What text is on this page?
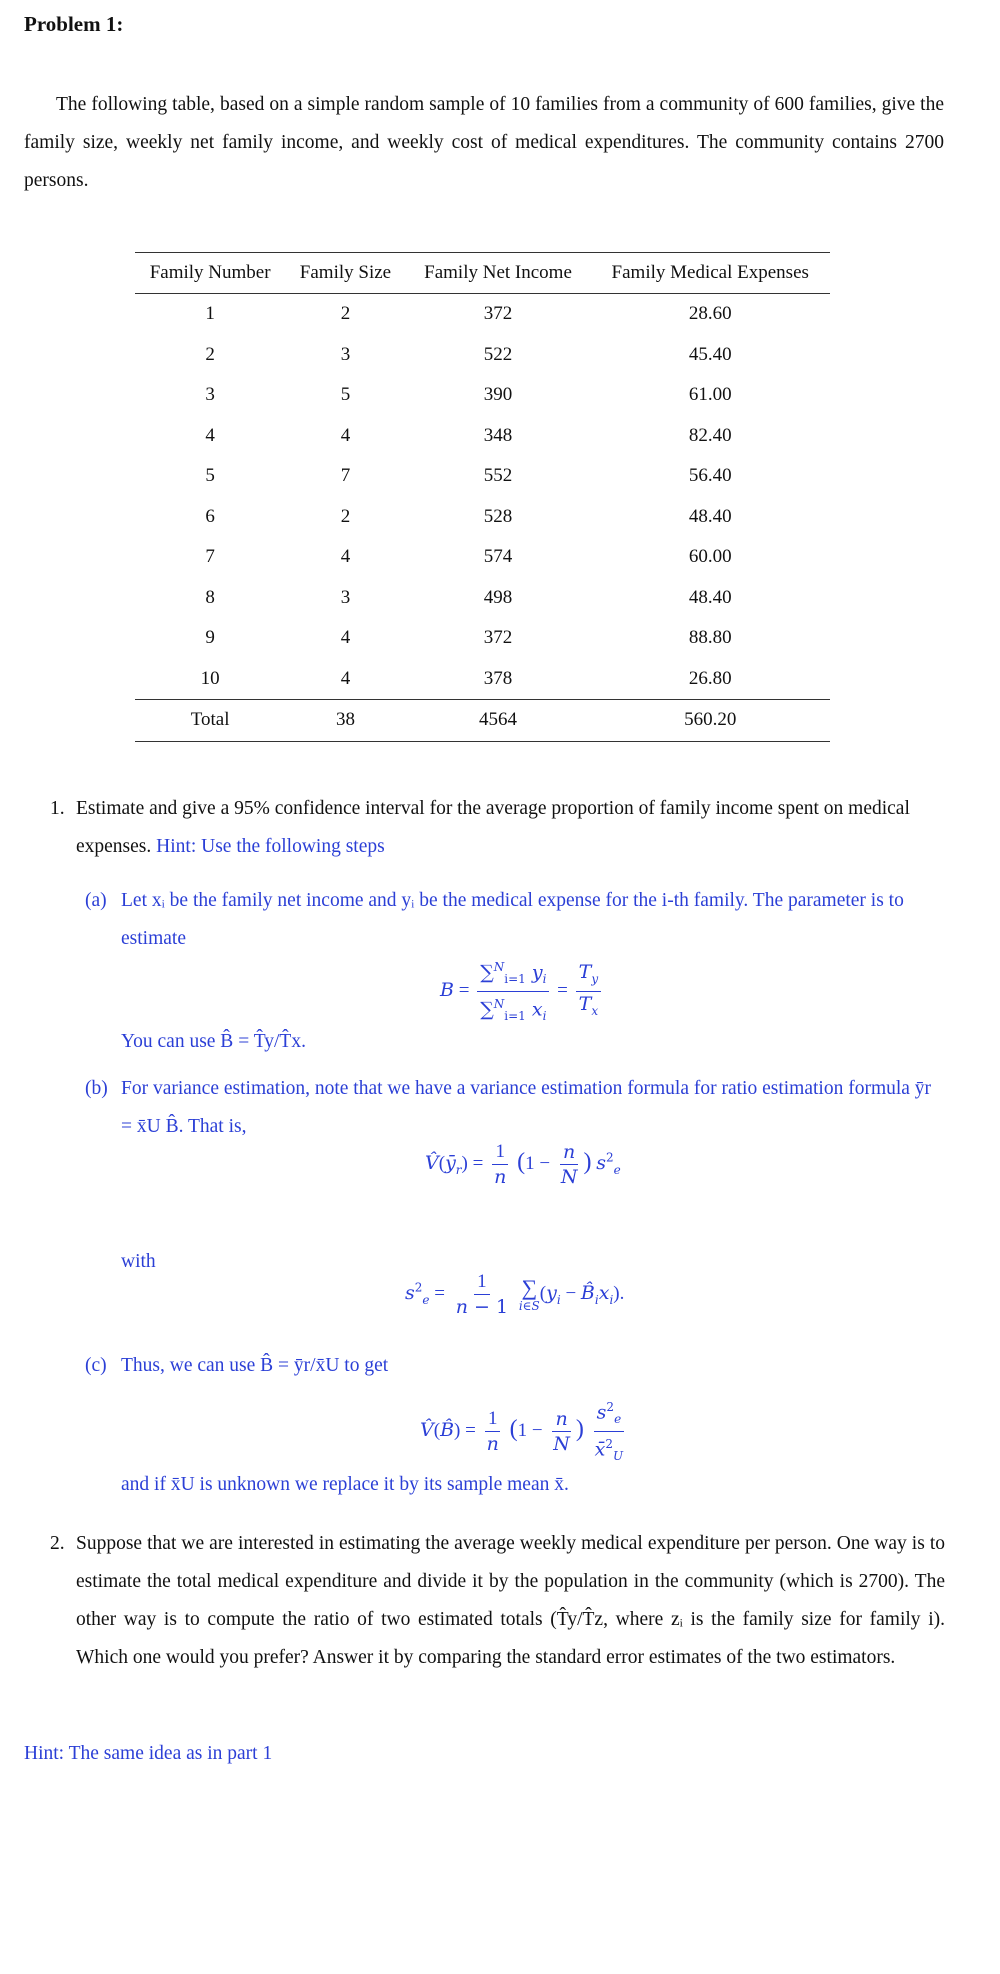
Problem 1:
The following table, based on a simple random sample of 10 families from a community of 600 families, give the family size, weekly net family income, and weekly cost of medical expenditures. The community contains 2700 persons.
Family Number	Family Size	Family Net Income	Family Medical Expenses
1	2	372	28.60
2	3	522	45.40
3	5	390	61.00
4	4	348	82.40
5	7	552	56.40
6	2	528	48.40
7	4	574	60.00
8	3	498	48.40
9	4	372	88.80
10	4	378	26.80
Total	38	4564	560.20
1. Estimate and give a 95% confidence interval for the average proportion of family income spent on medical expenses. Hint: Use the following steps
(a) Let xᵢ be the family net income and yᵢ be the medical expense for the i-th family. The parameter is to estimate
$B = \frac{\sum^N_{i=1} y_i}{\sum^N_{i=1} x_i} = \frac{T_y}{T_x}$
You can use B̂ = T̂y/T̂x.
(b) For variance estimation, note that we have a variance estimation formula for ratio estimation formula ȳr = x̄U B̂. That is,
$V̂(ȳ_r) = \frac{1}{n} (1 - \frac{n}{N}$ ) $s^2_e$
with
$s^2_e = \frac{1}{n - 1}$
∑
i∈S
($y_i$ − $B̂_ix_i$).
(c) Thus, we can use B̂ = ȳr/x̄U to get
V̂(B̂) = $\frac{1}{n} (1 - \frac{n}{N}$ ) $\frac{s^2_e}{x̄^2_U}$
and if x̄U is unknown we replace it by its sample mean x̄.
2. Suppose that we are interested in estimating the average weekly medical expenditure per person. One way is to estimate the total medical expenditure and divide it by the population in the community (which is 2700). The other way is to compute the ratio of two estimated totals (T̂y/T̂z, where zᵢ is the family size for family i). Which one would you prefer? Answer it by comparing the standard error estimates of the two estimators.
Hint: The same idea as in part 1
